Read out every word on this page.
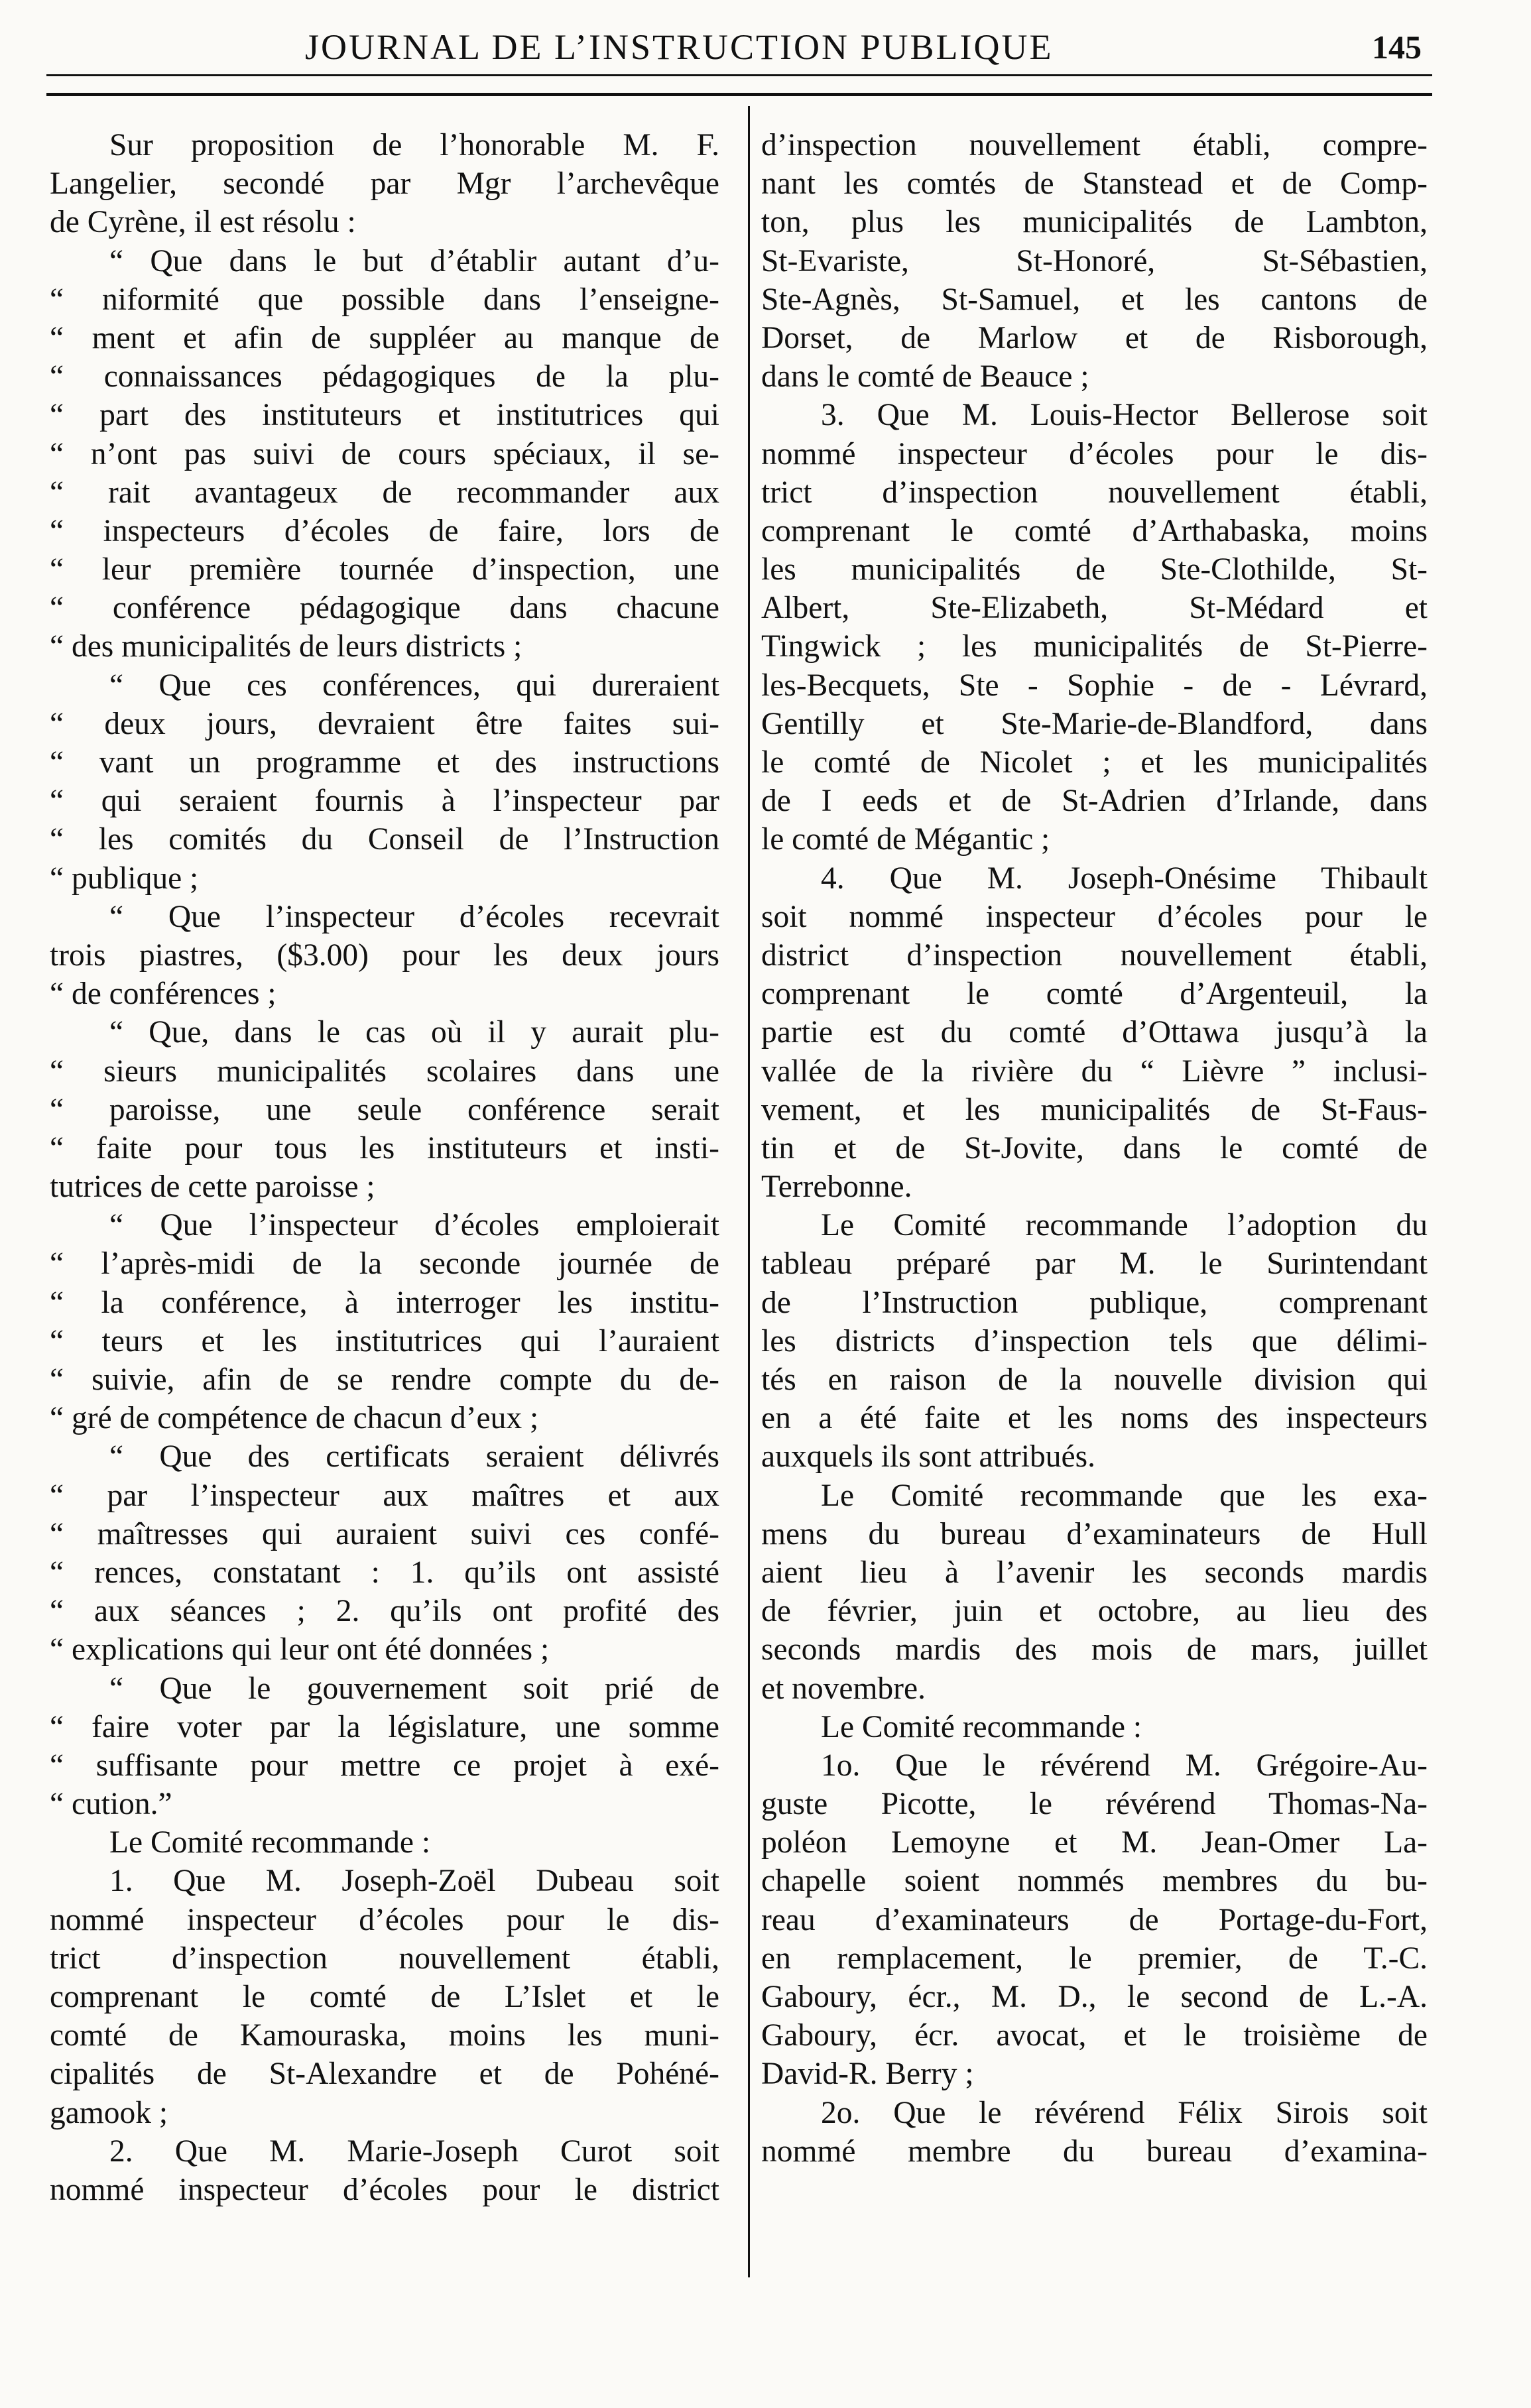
JOURNAL DE L’INSTRUCTION PUBLIQUE	145
Sur proposition de l’honorable M. F.
Langelier, secondé par Mgr l’archevêque
de Cyrène, il est résolu :
“ Que dans le but d’établir autant d’u-
“ niformité que possible dans l’enseigne-
“ ment et afin de suppléer au manque de
“ connaissances pédagogiques de la plu-
“ part des instituteurs et institutrices qui
“ n’ont pas suivi de cours spéciaux, il se-
“ rait avantageux de recommander aux
“ inspecteurs d’écoles de faire, lors de
“ leur première tournée d’inspection, une
“ conférence pédagogique dans chacune
“ des municipalités de leurs districts ;
“ Que ces conférences, qui dureraient
“ deux jours, devraient être faites sui-
“ vant un programme et des instructions
“ qui seraient fournis à l’inspecteur par
“ les comités du Conseil de l’Instruction
“ publique ;
“ Que l’inspecteur d’écoles recevrait
trois piastres, ($3.00) pour les deux jours
“ de conférences ;
“ Que, dans le cas où il y aurait plu-
“ sieurs municipalités scolaires dans une
“ paroisse, une seule conférence serait
“ faite pour tous les instituteurs et insti-
tutrices de cette paroisse ;
“ Que l’inspecteur d’écoles emploierait
“ l’après-midi de la seconde journée de
“ la conférence, à interroger les institu-
“ teurs et les institutrices qui l’auraient
“ suivie, afin de se rendre compte du de-
“ gré de compétence de chacun d’eux ;
“ Que des certificats seraient délivrés
“ par l’inspecteur aux maîtres et aux
“ maîtresses qui auraient suivi ces confé-
“ rences, constatant : 1. qu’ils ont assisté
“ aux séances ; 2. qu’ils ont profité des
“ explications qui leur ont été données ;
“ Que le gouvernement soit prié de
“ faire voter par la législature, une somme
“ suffisante pour mettre ce projet à exé-
“ cution.”
Le Comité recommande :
1. Que M. Joseph-Zoël Dubeau soit
nommé inspecteur d’écoles pour le dis-
trict d’inspection nouvellement établi,
comprenant le comté de L’Islet et le
comté de Kamouraska, moins les muni-
cipalités de St-Alexandre et de Pohéné-
gamook ;
2. Que M. Marie-Joseph Curot soit
nommé inspecteur d’écoles pour le district
d’inspection nouvellement établi, compre-
nant les comtés de Stanstead et de Comp-
ton, plus les municipalités de Lambton,
St-Evariste, St-Honoré, St-Sébastien,
Ste-Agnès, St-Samuel, et les cantons de
Dorset, de Marlow et de Risborough,
dans le comté de Beauce ;
3. Que M. Louis-Hector Bellerose soit
nommé inspecteur d’écoles pour le dis-
trict d’inspection nouvellement établi,
comprenant le comté d’Arthabaska, moins
les municipalités de Ste-Clothilde, St-
Albert, Ste-Elizabeth, St-Médard et
Tingwick ; les municipalités de St-Pierre-
les-Becquets, Ste - Sophie - de - Lévrard,
Gentilly et Ste-Marie-de-Blandford, dans
le comté de Nicolet ; et les municipalités
de I eeds et de St-Adrien d’Irlande, dans
le comté de Mégantic ;
4. Que M. Joseph-Onésime Thibault
soit nommé inspecteur d’écoles pour le
district d’inspection nouvellement établi,
comprenant le comté d’Argenteuil, la
partie est du comté d’Ottawa jusqu’à la
vallée de la rivière du “ Lièvre ” inclusi-
vement, et les municipalités de St-Faus-
tin et de St-Jovite, dans le comté de
Terrebonne.
Le Comité recommande l’adoption du
tableau préparé par M. le Surintendant
de l’Instruction publique, comprenant
les districts d’inspection tels que délimi-
tés en raison de la nouvelle division qui
en a été faite et les noms des inspecteurs
auxquels ils sont attribués.
Le Comité recommande que les exa-
mens du bureau d’examinateurs de Hull
aient lieu à l’avenir les seconds mardis
de février, juin et octobre, au lieu des
seconds mardis des mois de mars, juillet
et novembre.
Le Comité recommande :
1o. Que le révérend M. Grégoire-Au-
guste Picotte, le révérend Thomas-Na-
poléon Lemoyne et M. Jean-Omer La-
chapelle soient nommés membres du bu-
reau d’examinateurs de Portage-du-Fort,
en remplacement, le premier, de T.-C.
Gaboury, écr., M. D., le second de L.-A.
Gaboury, écr. avocat, et le troisième de
David-R. Berry ;
2o. Que le révérend Félix Sirois soit
nommé membre du bureau d’examina-
